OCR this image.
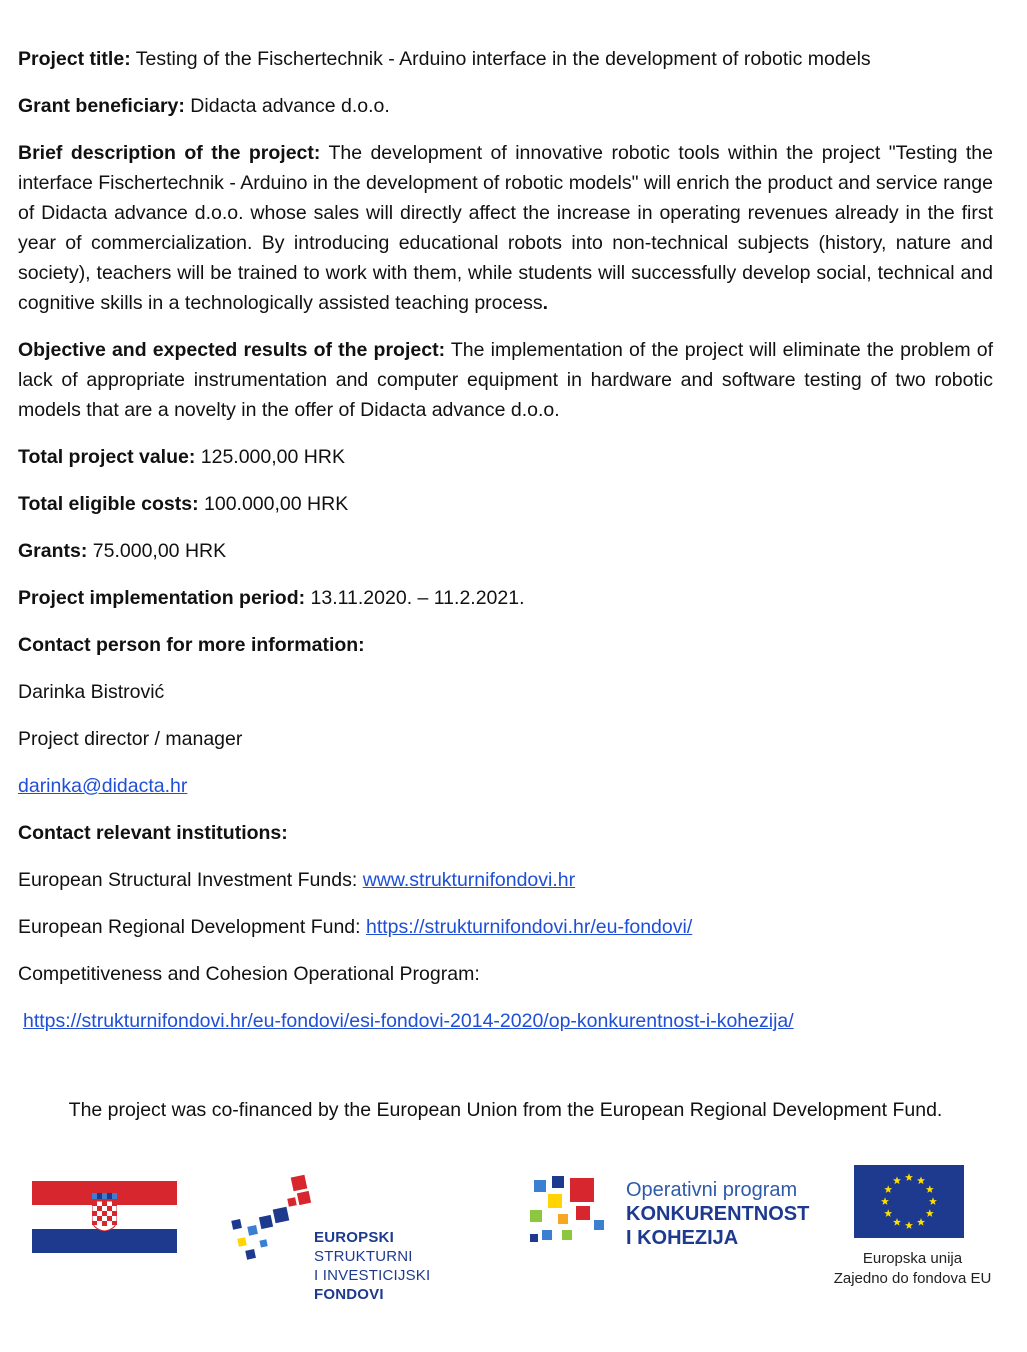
Project title: Testing of the Fischertechnik - Arduino interface in the development of robotic models

Grant beneficiary: Didacta advance d.o.o.

Brief description of the project: The development of innovative robotic tools within the project "Testing the interface Fischertechnik - Arduino in the development of robotic models" will enrich the product and service range of Didacta advance d.o.o. whose sales will directly affect the increase in operating revenues already in the first year of commercialization. By introducing educational robots into non-technical subjects (history, nature and society), teachers will be trained to work with them, while students will successfully develop social, technical and cognitive skills in a technologically assisted teaching process.

Objective and expected results of the project: The implementation of the project will eliminate the problem of lack of appropriate instrumentation and computer equipment in hardware and software testing of two robotic models that are a novelty in the offer of Didacta advance d.o.o.

Total project value: 125.000,00 HRK

Total eligible costs: 100.000,00 HRK

Grants: 75.000,00 HRK

Project implementation period: 13.11.2020. – 11.2.2021.

Contact person for more information:

Darinka Bistrović

Project director / manager

darinka@didacta.hr

Contact relevant institutions:

European Structural Investment Funds: www.strukturnifondovi.hr

European Regional Development Fund: https://strukturnifondovi.hr/eu-fondovi/

Competitiveness and Cohesion Operational Program:

https://strukturnifondovi.hr/eu-fondovi/esi-fondovi-2014-2020/op-konkurentnost-i-kohezija/

The project was co-financed by the European Union from the European Regional Development Fund.

EUROPSKI STRUKTURNI
I INVESTICIJSKI FONDOVI
Operativni program
KONKURENTNOST
I KOHEZIJA
Europska unija
Zajedno do fondova EU
